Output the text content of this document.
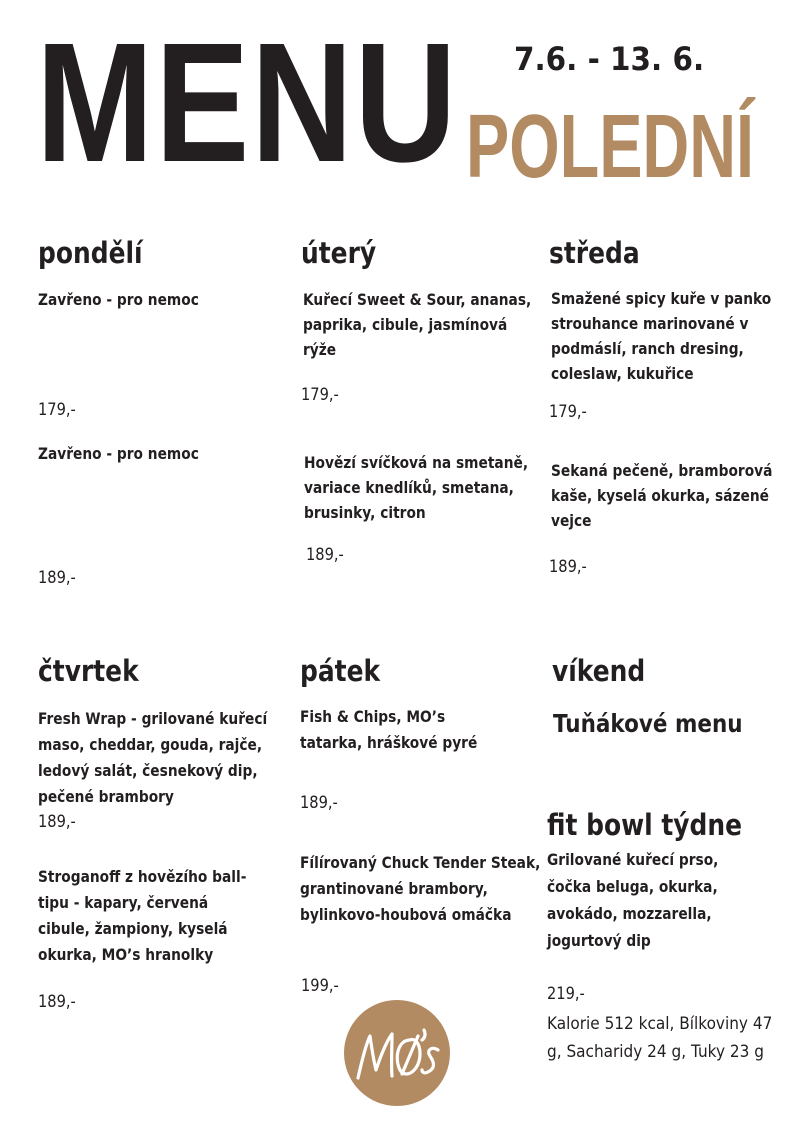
MENU 7.6. - 13. 6.
POLEDNÍ
pondělí
Zavřeno - pro nemoc
179,-
Zavřeno - pro nemoc
189,-
úterý
Kuřecí Sweet & Sour, ananas, paprika, cibule, jasmínová rýže
179,-
Hovězí svíčková na smetaně, variace knedlíků, smetana, brusinky, citron
189,-
středa
Smažené spicy kuře v panko strouhance marinované v podmáslí, ranch dresing, coleslaw, kukuřice
179,-
Sekaná pečeně, bramborová kaše, kyselá okurka, sázené vejce
189,-
čtvrtek
Fresh Wrap - grilované kuřecí maso, cheddar, gouda, rajče, ledový salát, česnekový dip, pečené brambory
189,-
Stroganoff z hovězího ball-tipu - kapary, červená cibule, žampiony, kyselá okurka, MO’s hranolky
189,-
pátek
Fish & Chips, MO’s tatarka, hráškové pyré
189,-
Fílírovaný Chuck Tender Steak, grantinované brambory, bylinkovo-houbová omáčka
199,-
víkend
Tuňákové menu
fit bowl týdne
Grilované kuřecí prso, čočka beluga, okurka, avokádo, mozzarella, jogurtový dip
219,-
Kalorie 512 kcal, Bílkoviny 47 g, Sacharidy 24 g, Tuky 23 g
